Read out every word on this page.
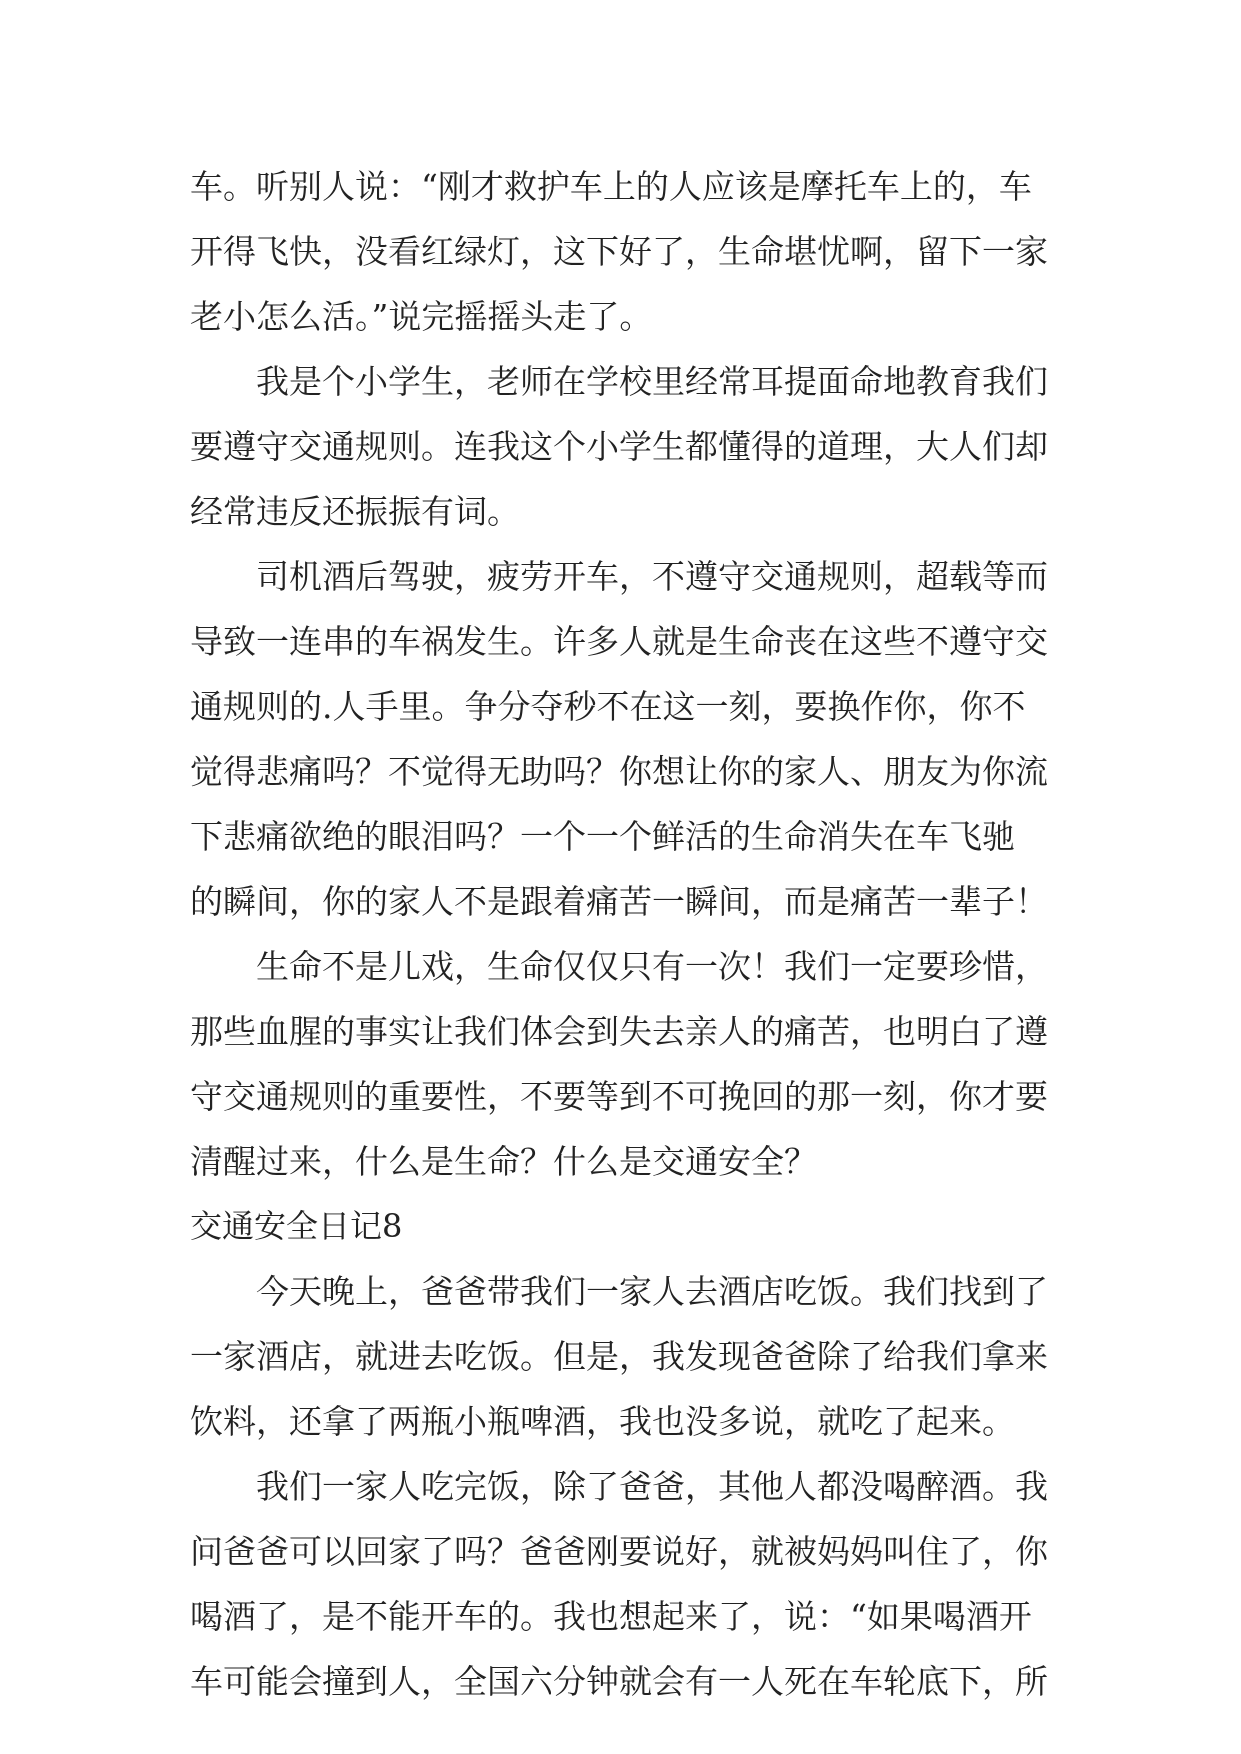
车。听别人说：“刚才救护车上的人应该是摩托车上的，车
开得飞快，没看红绿灯，这下好了，生命堪忧啊，留下一家
老小怎么活。”说完摇摇头走了。
我是个小学生，老师在学校里经常耳提面命地教育我们
要遵守交通规则。连我这个小学生都懂得的道理，大人们却
经常违反还振振有词。
司机酒后驾驶，疲劳开车，不遵守交通规则，超载等而
导致一连串的车祸发生。许多人就是生命丧在这些不遵守交
通规则的.人手里。争分夺秒不在这一刻，要换作你，你不
觉得悲痛吗？不觉得无助吗？你想让你的家人、朋友为你流
下悲痛欲绝的眼泪吗？一个一个鲜活的生命消失在车飞驰
的瞬间，你的家人不是跟着痛苦一瞬间，而是痛苦一辈子！
生命不是儿戏，生命仅仅只有一次！我们一定要珍惜，
那些血腥的事实让我们体会到失去亲人的痛苦，也明白了遵
守交通规则的重要性，不要等到不可挽回的那一刻，你才要
清醒过来，什么是生命？什么是交通安全？
交通安全日记8
今天晚上，爸爸带我们一家人去酒店吃饭。我们找到了
一家酒店，就进去吃饭。但是，我发现爸爸除了给我们拿来
饮料，还拿了两瓶小瓶啤酒，我也没多说，就吃了起来。
我们一家人吃完饭，除了爸爸，其他人都没喝醉酒。我
问爸爸可以回家了吗？爸爸刚要说好，就被妈妈叫住了，你
喝酒了，是不能开车的。我也想起来了，说：“如果喝酒开
车可能会撞到人，全国六分钟就会有一人死在车轮底下，所
